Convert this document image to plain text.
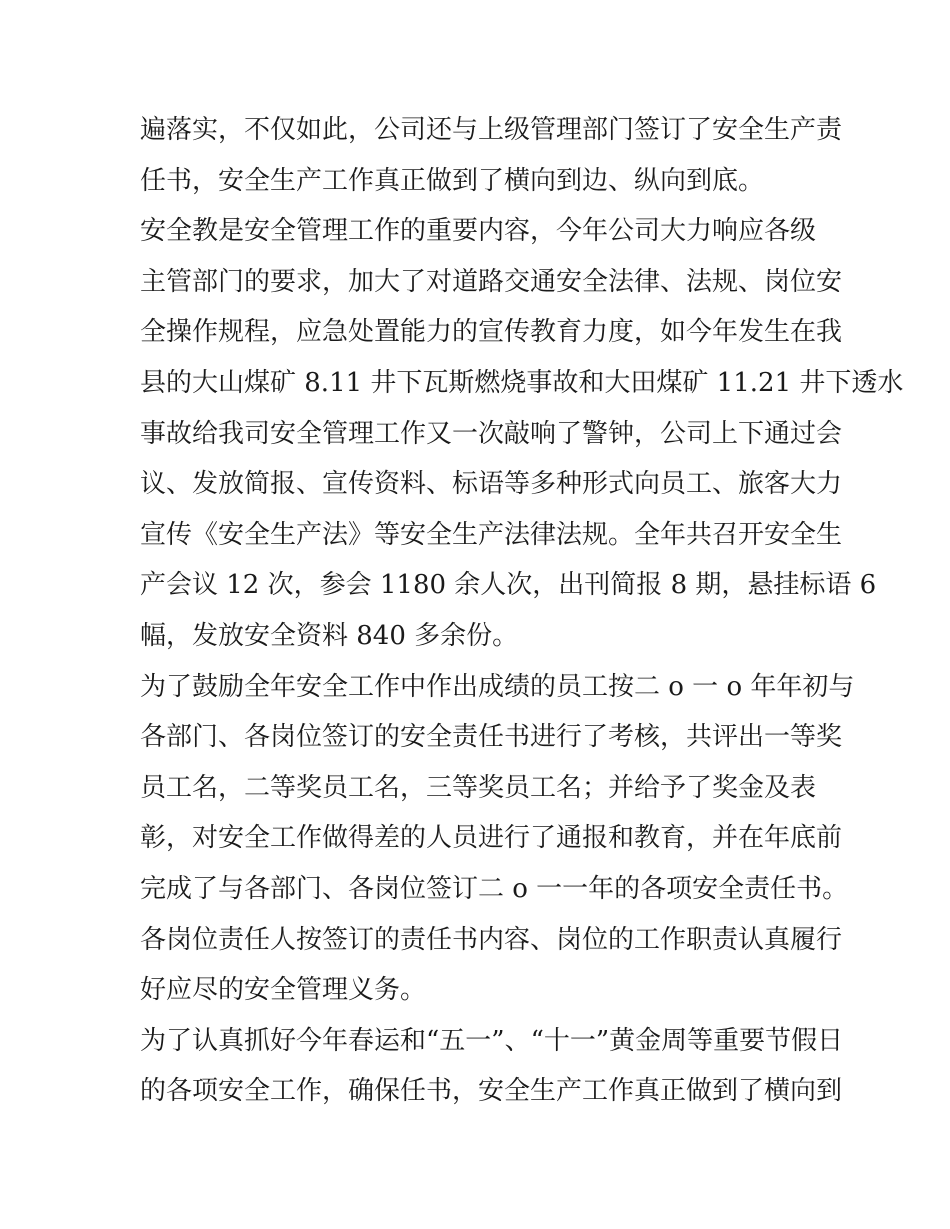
遍落实，不仅如此，公司还与上级管理部门签订了安全生产责
任书，安全生产工作真正做到了横向到边、纵向到底。
安全教是安全管理工作的重要内容，今年公司大力响应各级
主管部门的要求，加大了对道路交通安全法律、法规、岗位安
全操作规程，应急处置能力的宣传教育力度，如今年发生在我
县的大山煤矿 8.11 井下瓦斯燃烧事故和大田煤矿 11.21 井下透水
事故给我司安全管理工作又一次敲响了警钟，公司上下通过会
议、发放简报、宣传资料、标语等多种形式向员工、旅客大力
宣传《安全生产法》等安全生产法律法规。全年共召开安全生
产会议 12 次，参会 1180 余人次，出刊简报 8 期，悬挂标语 6
幅，发放安全资料 840 多余份。
为了鼓励全年安全工作中作出成绩的员工按二 o 一 o 年年初与
各部门、各岗位签订的安全责任书进行了考核，共评出一等奖
员工名，二等奖员工名，三等奖员工名；并给予了奖金及表
彰，对安全工作做得差的人员进行了通报和教育，并在年底前
完成了与各部门、各岗位签订二 o 一一年的各项安全责任书。
各岗位责任人按签订的责任书内容、岗位的工作职责认真履行
好应尽的安全管理义务。
为了认真抓好今年春运和“五一”、“十一”黄金周等重要节假日
的各项安全工作，确保任书，安全生产工作真正做到了横向到
